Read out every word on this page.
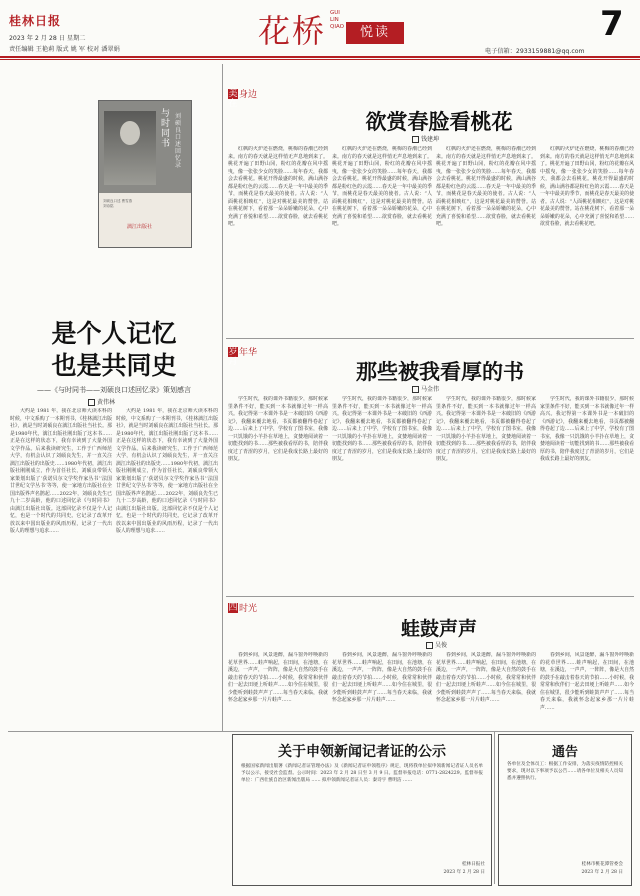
桂林日报
2023 年 2 月 28 日 星期二
责任编辑 王艳莉 版式 姚 军 校对 潘翠娟	花桥 GUI LIN QIAO	悦读	7
电子信箱：2933159881@qq.com
与时同书
刘硕良口述回忆录
刘硕良口述 曹雪燕 刘诗铭
漓江出版社
是个人记忆
也是共同史
——《与时同书——刘硕良口述回忆录》策划感言
黄伟林
大约是 1981 年，我在北京师大读本科的时候，中文系购了一本期刊书，《桂林漓江出版社》，就是当时刘硕良在漓江出版社当社长。那是1980年代，漓江出版社刚出版了这本书……正是在这样的状态下，我有幸读到了大量外国文学作品。后来我读研究生，工作于广西师范大学，有机会认识了刘硕良先生，并一直关注漓江出版社的出版史……1980年代初，漓江出版社刚刚成立，作为首任社长，刘硕良带领大家策划出版了‘获诺贝尔文学奖作家丛书’‘法国廿世纪文学丛书’等等，使一家地方出版社在全国出版界声名鹊起……2022年，刘硕良先生已九十二岁高龄，他的口述回忆录《与时同书》由漓江出版社出版。这部回忆录不仅是个人记忆，也是一个时代的共同史。它记录了改革开放以来中国出版业的风雨历程，记录了一代出版人的理想与追求……
大约是 1981 年，我在北京师大读本科的时候，中文系购了一本期刊书，《桂林漓江出版社》，就是当时刘硕良在漓江出版社当社长。那是1980年代，漓江出版社刚出版了这本书……正是在这样的状态下，我有幸读到了大量外国文学作品。后来我读研究生，工作于广西师范大学，有机会认识了刘硕良先生，并一直关注漓江出版社的出版史……1980年代初，漓江出版社刚刚成立，作为首任社长，刘硕良带领大家策划出版了‘获诺贝尔文学奖作家丛书’‘法国廿世纪文学丛书’等等，使一家地方出版社在全国出版界声名鹊起……2022年，刘硕良先生已九十二岁高龄，他的口述回忆录《与时同书》由漓江出版社出版。这部回忆录不仅是个人记忆，也是一个时代的共同史。它记录了改革开放以来中国出版业的风雨历程，记录了一代出版人的理想与追求……
美在身边
欲赏春脸看桃花
钱建坤
红枫的火炉还在燃烧，桃梅的春潮已经到来。南方的春天就是这样悄无声息地到来了。桃花开遍了田野山冈，粉红的花瓣在风中摇曳，像一张张少女的笑脸……每年春天，我都会去看桃花。桃花开得最盛的时候，满山满谷都是粉红色的云霞……春天是一年中最美的季节，而桃花是春天最美的使者。古人说：“人面桃花相映红”，这是对桃花最美的赞誉。站在桃花树下，看着那一朵朵娇嫩的花朵，心中充满了喜悦和希望……欲赏春脸，就去看桃花吧。
红枫的火炉还在燃烧，桃梅的春潮已经到来。南方的春天就是这样悄无声息地到来了。桃花开遍了田野山冈，粉红的花瓣在风中摇曳，像一张张少女的笑脸……每年春天，我都会去看桃花。桃花开得最盛的时候，满山满谷都是粉红色的云霞……春天是一年中最美的季节，而桃花是春天最美的使者。古人说：“人面桃花相映红”，这是对桃花最美的赞誉。站在桃花树下，看着那一朵朵娇嫩的花朵，心中充满了喜悦和希望……欲赏春脸，就去看桃花吧。
红枫的火炉还在燃烧，桃梅的春潮已经到来。南方的春天就是这样悄无声息地到来了。桃花开遍了田野山冈，粉红的花瓣在风中摇曳，像一张张少女的笑脸……每年春天，我都会去看桃花。桃花开得最盛的时候，满山满谷都是粉红色的云霞……春天是一年中最美的季节，而桃花是春天最美的使者。古人说：“人面桃花相映红”，这是对桃花最美的赞誉。站在桃花树下，看着那一朵朵娇嫩的花朵，心中充满了喜悦和希望……欲赏春脸，就去看桃花吧。
红枫的火炉还在燃烧，桃梅的春潮已经到来。南方的春天就是这样悄无声息地到来了。桃花开遍了田野山冈，粉红的花瓣在风中摇曳，像一张张少女的笑脸……每年春天，我都会去看桃花。桃花开得最盛的时候，满山满谷都是粉红色的云霞……春天是一年中最美的季节，而桃花是春天最美的使者。古人说：“人面桃花相映红”，这是对桃花最美的赞誉。站在桃花树下，看着那一朵朵娇嫩的花朵，心中充满了喜悦和希望……欲赏春脸，就去看桃花吧。
岁月年华
那些被我看厚的书
马金伟
学生时代，我的课外书籍很少，那时候家里条件不好，能买到一本书就像过年一样高兴。我记得第一本课外书是一本破旧的《西游记》，我翻来覆去地看，书页都被翻得卷起了边……后来上了中学，学校有了图书室，我像一只饥饿的小羊扑在草地上，贪婪地阅读着一切能找到的书……那些被我看厚的书，陪伴我度过了青涩的岁月，它们是我成长路上最好的朋友。
学生时代，我的课外书籍很少，那时候家里条件不好，能买到一本书就像过年一样高兴。我记得第一本课外书是一本破旧的《西游记》，我翻来覆去地看，书页都被翻得卷起了边……后来上了中学，学校有了图书室，我像一只饥饿的小羊扑在草地上，贪婪地阅读着一切能找到的书……那些被我看厚的书，陪伴我度过了青涩的岁月，它们是我成长路上最好的朋友。
学生时代，我的课外书籍很少，那时候家里条件不好，能买到一本书就像过年一样高兴。我记得第一本课外书是一本破旧的《西游记》，我翻来覆去地看，书页都被翻得卷起了边……后来上了中学，学校有了图书室，我像一只饥饿的小羊扑在草地上，贪婪地阅读着一切能找到的书……那些被我看厚的书，陪伴我度过了青涩的岁月，它们是我成长路上最好的朋友。
学生时代，我的课外书籍很少，那时候家里条件不好，能买到一本书就像过年一样高兴。我记得第一本课外书是一本破旧的《西游记》，我翻来覆去地看，书页都被翻得卷起了边……后来上了中学，学校有了图书室，我像一只饥饿的小羊扑在草地上，贪婪地阅读着一切能找到的书……那些被我看厚的书，陪伴我度过了青涩的岁月，它们是我成长路上最好的朋友。
四 时光
蛙鼓声声
吴俊
春到乡间，风景迷醉，漏斗窗外呼唤新的花草世界……蛙声响起，在田间，在池塘，在溪边，一声声，一阵阵，像是大自然的鼓手在敲击着春天的节拍……小时候，我常常和伙伴们一起去田埂上听蛙声……如今住在城里，很少能听到蛙鼓声声了……每当春天来临，我就怀念起家乡那一片片蛙声……
春到乡间，风景迷醉，漏斗窗外呼唤新的花草世界……蛙声响起，在田间，在池塘，在溪边，一声声，一阵阵，像是大自然的鼓手在敲击着春天的节拍……小时候，我常常和伙伴们一起去田埂上听蛙声……如今住在城里，很少能听到蛙鼓声声了……每当春天来临，我就怀念起家乡那一片片蛙声……
春到乡间，风景迷醉，漏斗窗外呼唤新的花草世界……蛙声响起，在田间，在池塘，在溪边，一声声，一阵阵，像是大自然的鼓手在敲击着春天的节拍……小时候，我常常和伙伴们一起去田埂上听蛙声……如今住在城里，很少能听到蛙鼓声声了……每当春天来临，我就怀念起家乡那一片片蛙声……
春到乡间，风景迷醉，漏斗窗外呼唤新的花草世界……蛙声响起，在田间，在池塘，在溪边，一声声，一阵阵，像是大自然的鼓手在敲击着春天的节拍……小时候，我常常和伙伴们一起去田埂上听蛙声……如今住在城里，很少能听到蛙鼓声声了……每当春天来临，我就怀念起家乡那一片片蛙声……
关于申领新闻记者证的公示
根据国家新闻出版署《新闻记者证管理办法》及《新闻记者证申领程序》规定，现将我单位拟申领新闻记者证人员名单予以公示，接受社会监督。公示时间：2023 年 2 月 28 日至 3 月 9 日。监督举报电话：0771-2824229。监督举报单位：广西壮族自治区新闻出版局 …… 拟申领新闻记者证人员：秦诗宇 曹明洁 ……
桂林日报社
2023 年 2 月 28 日
通告
各单位及全体员工：根据工作安排，为落实疫情防控相关要求，现对以下事项予以公告……请各单位及相关人员知悉并遵照执行。
桂林市桃花潭管委会
2023 年 2 月 28 日
